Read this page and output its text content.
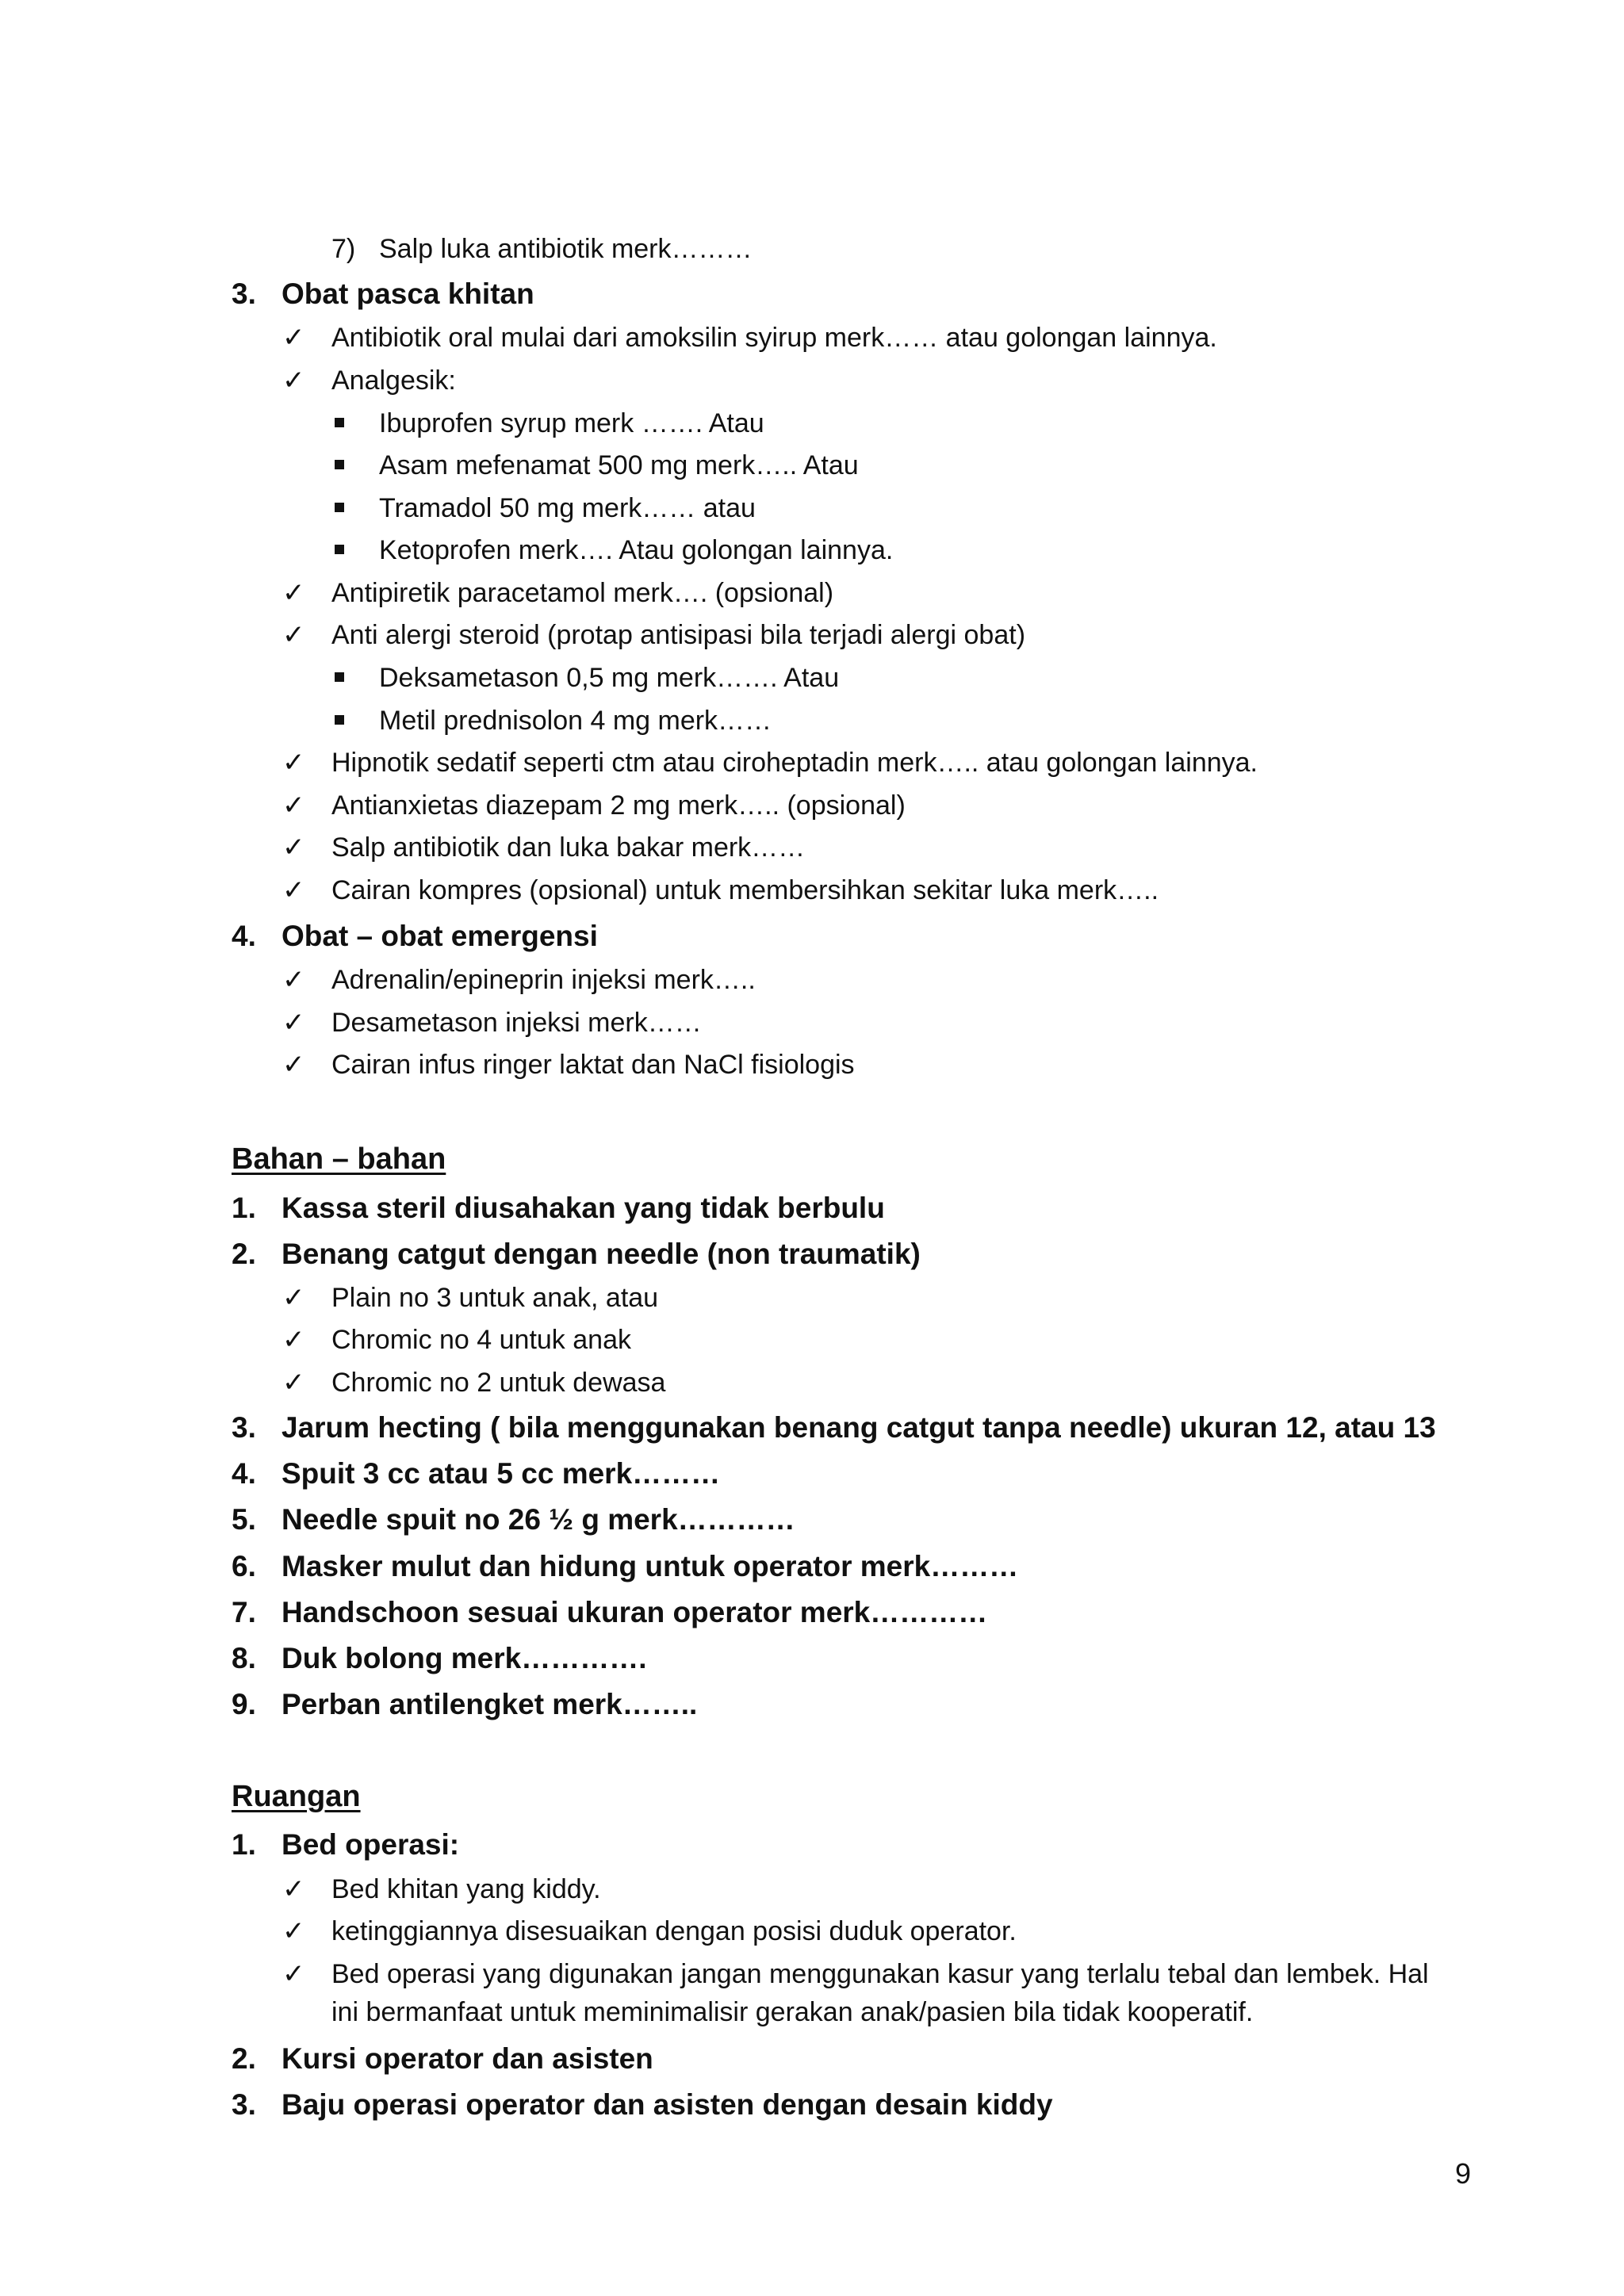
7) Salp luka antibiotik merk………
3. Obat pasca khitan
✓ Antibiotik oral mulai dari amoksilin syirup merk…… atau golongan lainnya.
✓ Analgesik:
Ibuprofen syrup merk ……. Atau
Asam mefenamat 500 mg merk….. Atau
Tramadol 50 mg merk…… atau
Ketoprofen merk…. Atau golongan lainnya.
✓ Antipiretik paracetamol merk…. (opsional)
✓ Anti alergi steroid (protap antisipasi bila terjadi alergi obat)
Deksametason 0,5 mg merk……. Atau
Metil prednisolon 4 mg merk……
✓ Hipnotik sedatif seperti ctm atau ciroheptadin merk….. atau golongan lainnya.
✓ Antianxietas diazepam 2 mg merk….. (opsional)
✓ Salp antibiotik dan luka bakar merk……
✓ Cairan kompres (opsional) untuk membersihkan sekitar luka merk…..
4. Obat – obat emergensi
✓ Adrenalin/epineprin injeksi merk…..
✓ Desametason injeksi merk……
✓ Cairan infus ringer laktat dan NaCl fisiologis
Bahan – bahan
1. Kassa steril diusahakan yang tidak berbulu
2. Benang catgut dengan needle (non traumatik)
✓ Plain no 3 untuk anak, atau
✓ Chromic no 4 untuk anak
✓ Chromic no 2 untuk dewasa
3. Jarum hecting ( bila menggunakan benang catgut tanpa needle) ukuran 12, atau 13
4. Spuit 3 cc atau 5 cc merk………
5. Needle spuit no 26 ½ g merk…………
6. Masker mulut dan hidung untuk operator merk………
7. Handschoon sesuai ukuran operator merk…………
8. Duk bolong merk………….
9. Perban antilengket merk……..
Ruangan
1. Bed operasi:
✓ Bed khitan yang kiddy.
✓ ketinggiannya disesuaikan dengan posisi duduk operator.
✓ Bed operasi yang digunakan jangan menggunakan kasur yang terlalu tebal dan lembek. Hal
ini bermanfaat untuk meminimalisir gerakan anak/pasien bila tidak kooperatif.
2. Kursi operator dan asisten
3. Baju operasi operator dan asisten dengan desain kiddy
9
